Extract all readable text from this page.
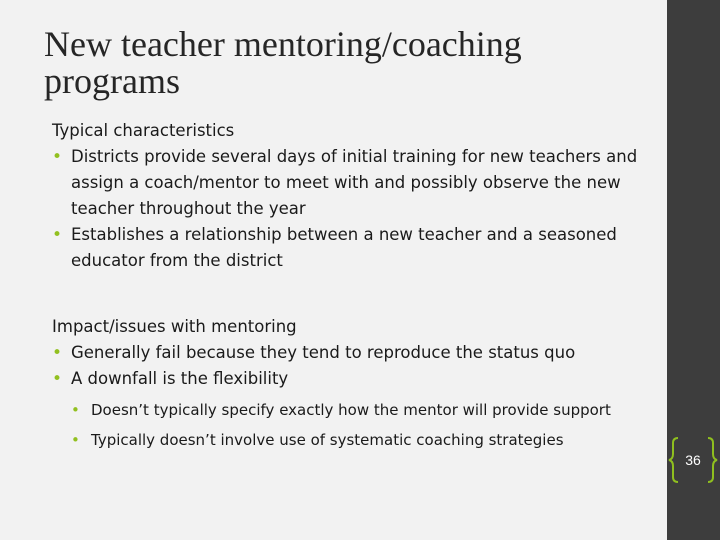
New teacher mentoring/coaching programs

Typical characteristics

• Districts provide several days of initial training for new teachers and assign a coach/mentor to meet with and possibly observe the new teacher throughout the year
• Establishes a relationship between a new teacher and a seasoned educator from the district

Impact/issues with mentoring

• Generally fail because they tend to reproduce the status quo
• A downfall is the flexibility
• Doesn’t typically specify exactly how the mentor will provide support
• Typically doesn’t involve use of systematic coaching strategies
36
